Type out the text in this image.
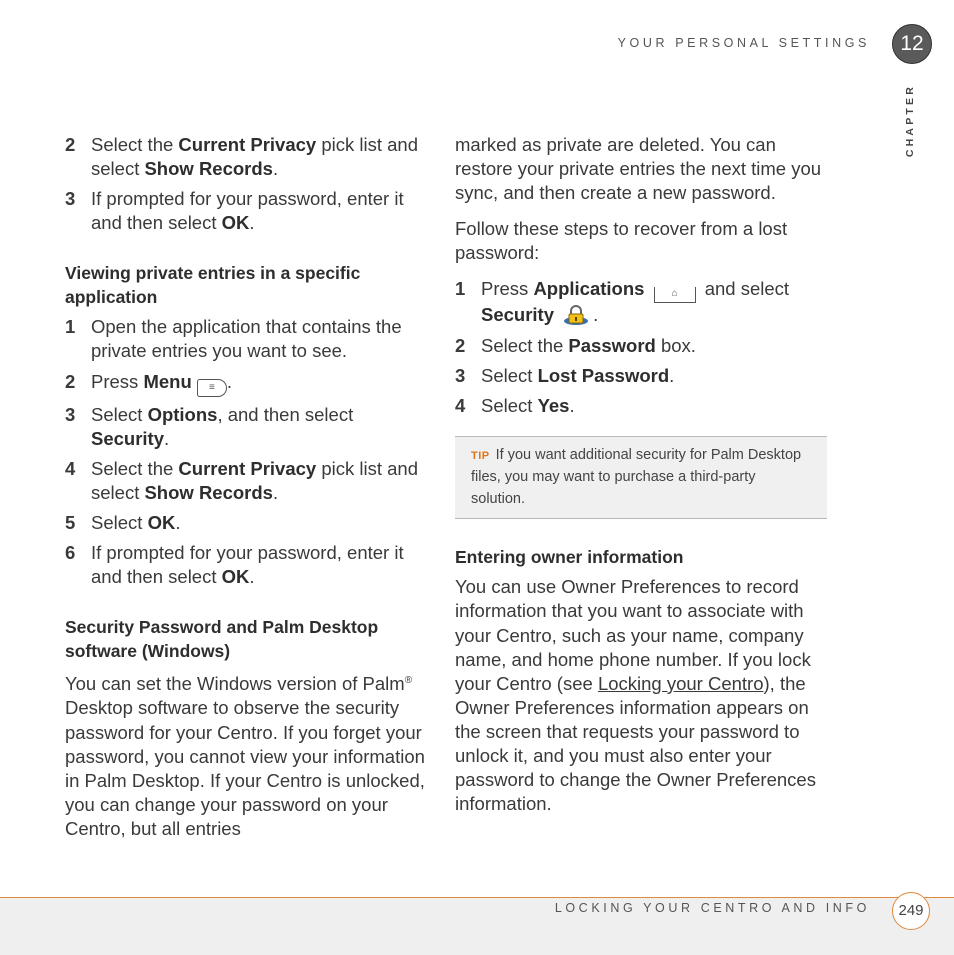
YOUR PERSONAL SETTINGS	12
CHAPTER
2 Select the Current Privacy pick list and select Show Records.
3 If prompted for your password, enter it and then select OK.
Viewing private entries in a specific application
1 Open the application that contains the private entries you want to see.
2 Press Menu ≡ .
3 Select Options, and then select Security.
4 Select the Current Privacy pick list and select Show Records.
5 Select OK.
6 If prompted for your password, enter it and then select OK.
Security Password and Palm Desktop software (Windows)

You can set the Windows version of Palm® Desktop software to observe the security password for your Centro. If you forget your password, you cannot view your information in Palm Desktop. If your Centro is unlocked, you can change your password on your Centro, but all entries

marked as private are deleted. You can restore your private entries the next time you sync, and then create a new password.

Follow these steps to recover from a lost password:

1 Press Applications	⌂ and select Security .
2 Select the Password box.
3 Select Lost Password.
4 Select Yes.
TIP If you want additional security for Palm Desktop files, you may want to purchase a third-party solution.
Entering owner information

You can use Owner Preferences to record information that you want to associate with your Centro, such as your name, company name, and home phone number. If you lock your Centro (see Locking your Centro), the Owner Preferences information appears on the screen that requests your password to unlock it, and you must also enter your password to change the Owner Preferences information.

LOCKING YOUR CENTRO AND INFO	249
